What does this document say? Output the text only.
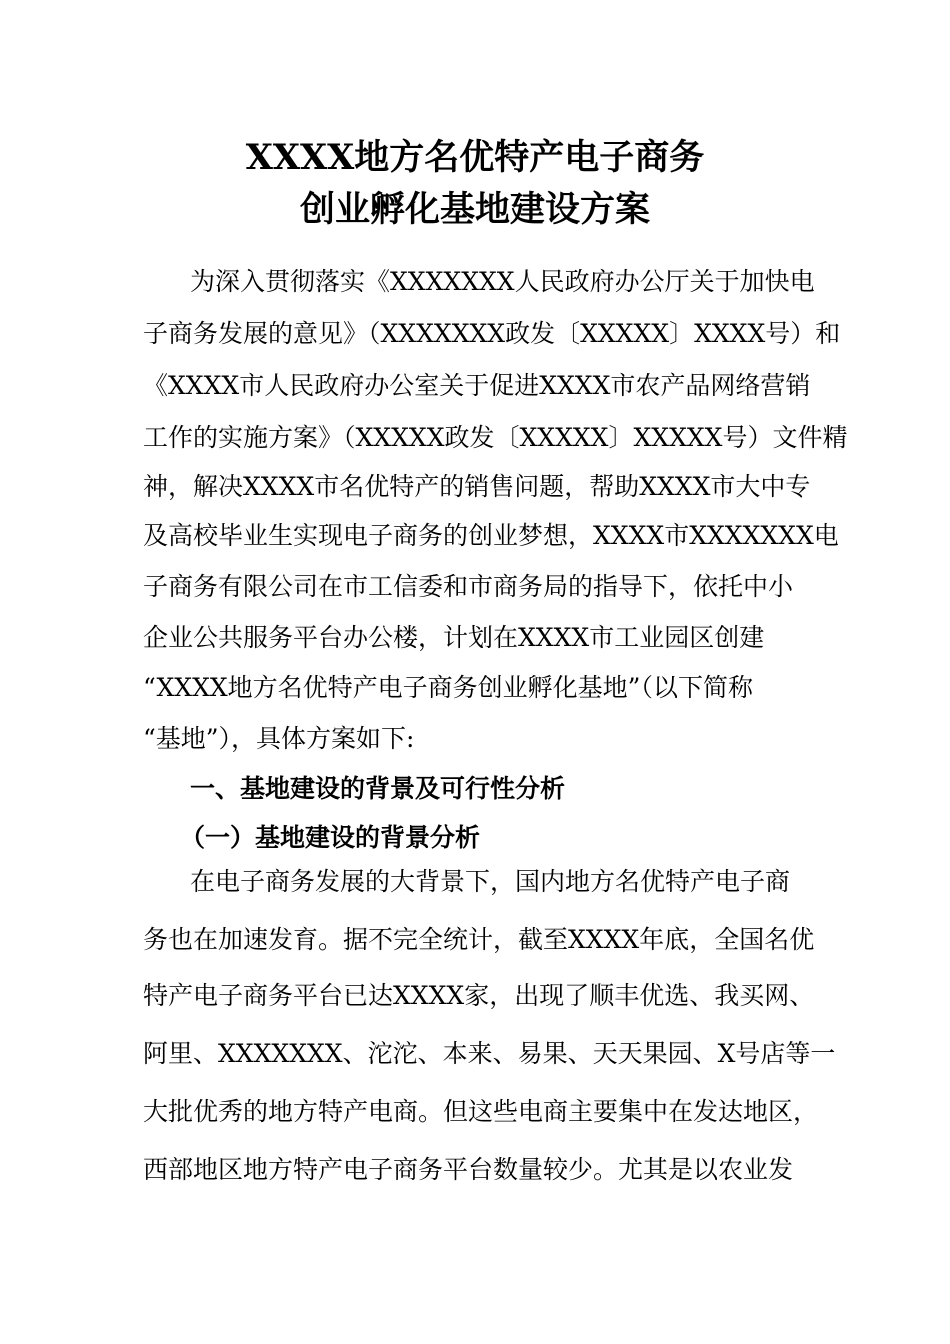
XXXX地方名优特产电子商务
创业孵化基地建设方案
为深入贯彻落实《XXXXXXX人民政府办公厅关于加快电
子商务发展的意见》（XXXXXXX政发〔XXXXX〕XXXX号）和
《XXXX市人民政府办公室关于促进XXXX市农产品网络营销
工作的实施方案》（XXXXX政发〔XXXXX〕XXXXX号）文件精
神，解决XXXX市名优特产的销售问题，帮助XXXX市大中专
及高校毕业生实现电子商务的创业梦想，XXXX市XXXXXXX电
子商务有限公司在市工信委和市商务局的指导下，依托中小
企业公共服务平台办公楼，计划在XXXX市工业园区创建
“XXXX地方名优特产电子商务创业孵化基地”（以下简称
“基地”），具体方案如下:
一、基地建设的背景及可行性分析
（一）基地建设的背景分析
在电子商务发展的大背景下，国内地方名优特产电子商
务也在加速发育。据不完全统计，截至XXXX年底，全国名优
特产电子商务平台已达XXXX家，出现了顺丰优选、我买网、
阿里、XXXXXXX、沱沱、本来、易果、天天果园、X号店等一
大批优秀的地方特产电商。但这些电商主要集中在发达地区，
西部地区地方特产电子商务平台数量较少。尤其是以农业发
